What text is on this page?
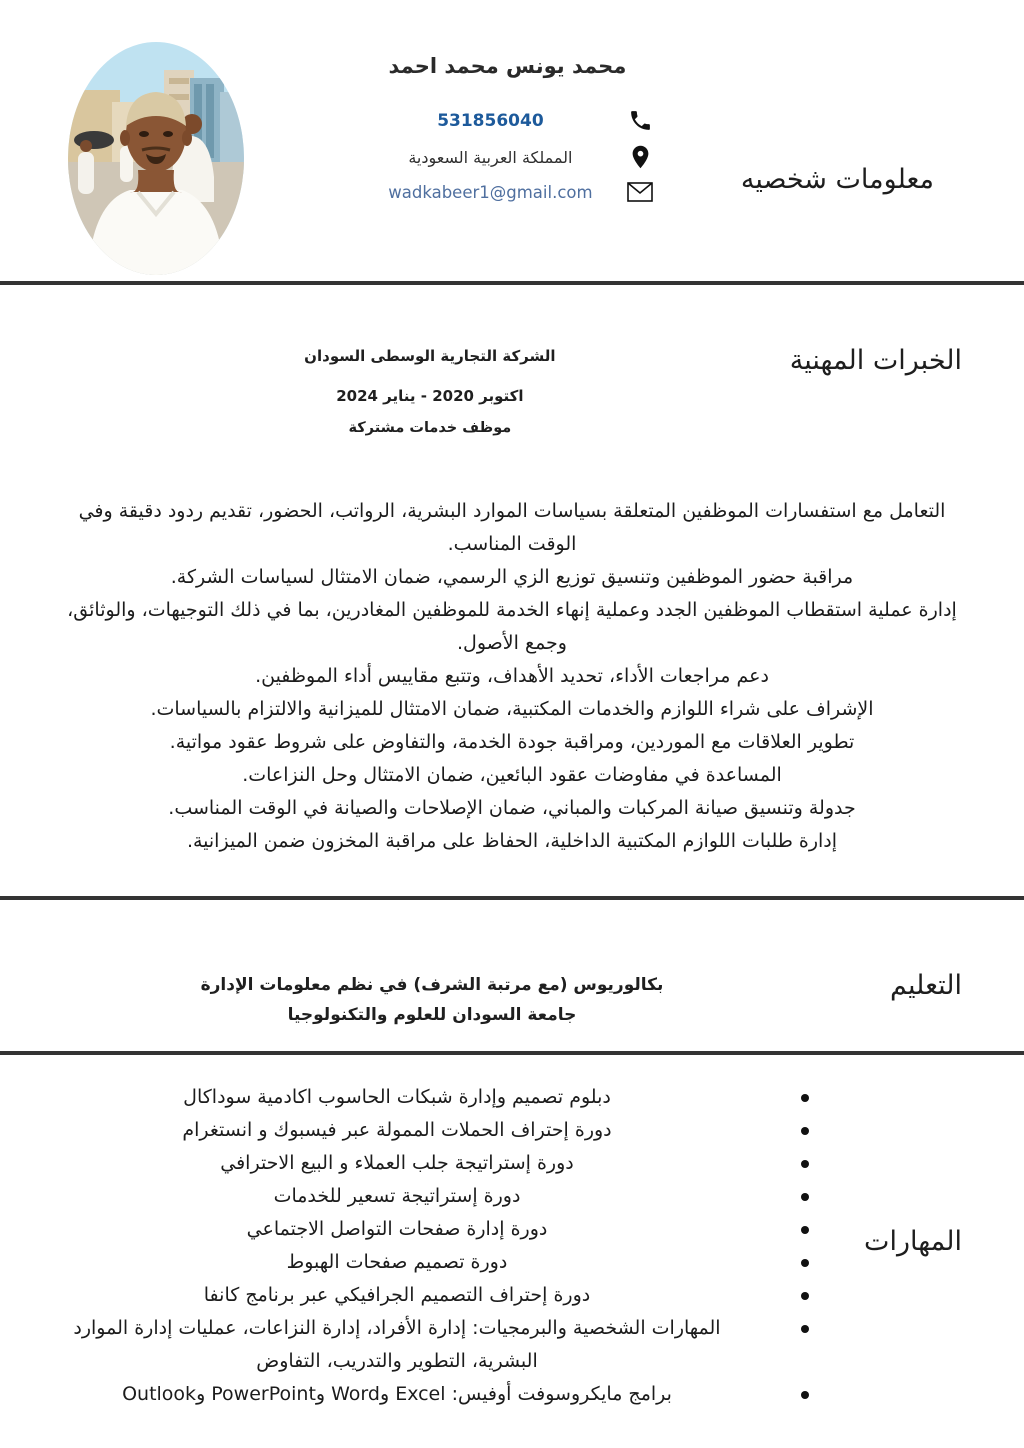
معلومات شخصيه
محمد يونس محمد احمد
531856040
المملكة العربية السعودية
wadkabeer1@gmail.com
الخبرات المهنية
الشركة التجارية الوسطى السودان
اكتوبر 2020 - يناير 2024
موظف خدمات مشتركة
التعامل مع استفسارات الموظفين المتعلقة بسياسات الموارد البشرية، الرواتب، الحضور، تقديم ردود دقيقة وفي الوقت المناسب.
مراقبة حضور الموظفين وتنسيق توزيع الزي الرسمي، ضمان الامتثال لسياسات الشركة.
إدارة عملية استقطاب الموظفين الجدد وعملية إنهاء الخدمة للموظفين المغادرين، بما في ذلك التوجيهات، والوثائق، وجمع الأصول.
دعم مراجعات الأداء، تحديد الأهداف، وتتبع مقاييس أداء الموظفين.
الإشراف على شراء اللوازم والخدمات المكتبية، ضمان الامتثال للميزانية والالتزام بالسياسات.
تطوير العلاقات مع الموردين، ومراقبة جودة الخدمة، والتفاوض على شروط عقود مواتية.
المساعدة في مفاوضات عقود البائعين، ضمان الامتثال وحل النزاعات.
جدولة وتنسيق صيانة المركبات والمباني، ضمان الإصلاحات والصيانة في الوقت المناسب.
إدارة طلبات اللوازم المكتبية الداخلية، الحفاظ على مراقبة المخزون ضمن الميزانية.
التعليم
بكالوريوس (مع مرتبة الشرف) في نظم معلومات الإدارة
جامعة السودان للعلوم والتكنولوجيا
المهارات
دبلوم تصميم وإدارة شبكات الحاسوب اكادمية سوداكال
دورة إحتراف الحملات الممولة عبر فيسبوك و انستغرام
دورة إستراتيجة جلب العملاء و البيع الاحترافي
دورة إستراتيجة تسعير للخدمات
دورة إدارة صفحات التواصل الاجتماعي
دورة تصميم صفحات الهبوط
دورة إحتراف التصميم الجرافيكي عبر برنامج كانفا
المهارات الشخصية والبرمجيات: إدارة الأفراد، إدارة النزاعات، عمليات إدارة الموارد البشرية، التطوير والتدريب، التفاوض
برامج مايكروسوفت أوفيس: Excel وWord وPowerPoint وOutlook
